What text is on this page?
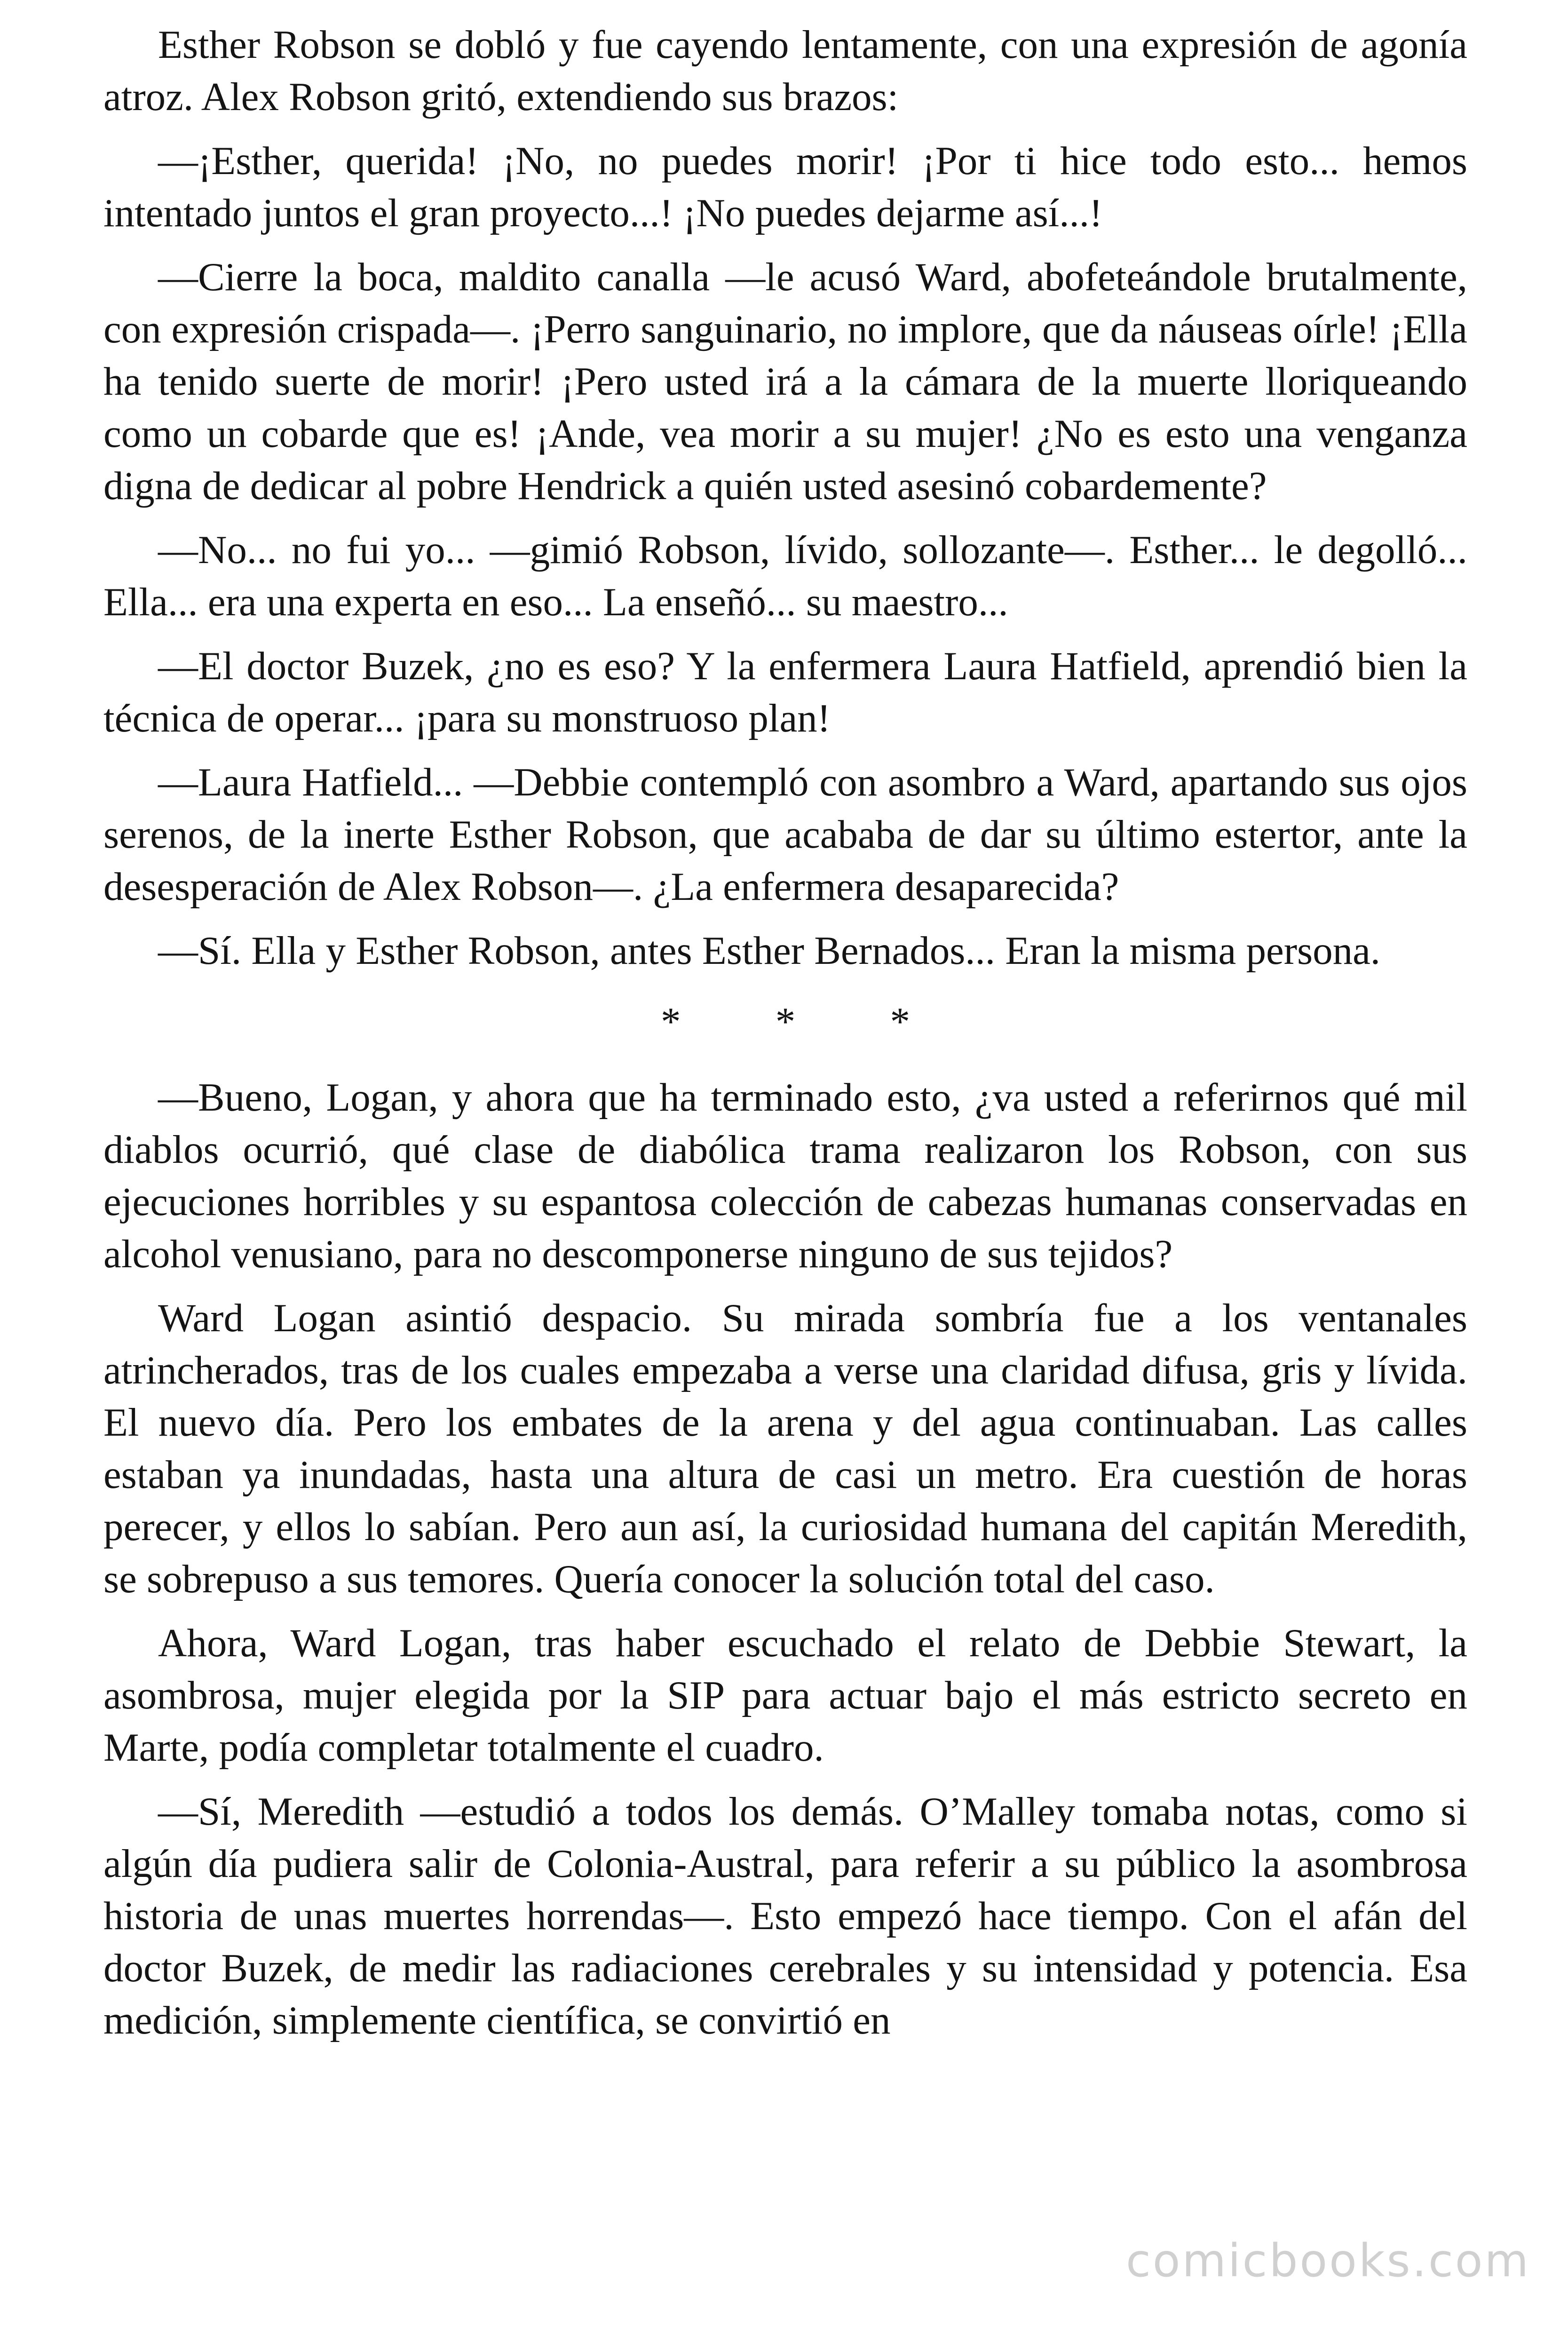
Esther Robson se dobló y fue cayendo lentamente, con una expresión de agonía atroz. Alex Robson gritó, extendiendo sus brazos:

—¡Esther, querida! ¡No, no puedes morir! ¡Por ti hice todo esto... hemos intentado juntos el gran proyecto...! ¡No puedes dejarme así...!

—Cierre la boca, maldito canalla —le acusó Ward, abofeteándole brutalmente, con expresión crispada—. ¡Perro sanguinario, no implore, que da náuseas oírle! ¡Ella ha tenido suerte de morir! ¡Pero usted irá a la cámara de la muerte lloriqueando como un cobarde que es! ¡Ande, vea morir a su mujer! ¿No es esto una venganza digna de dedicar al pobre Hendrick a quién usted asesinó cobardemente?

—No... no fui yo... —gimió Robson, lívido, sollozante—. Esther... le degolló... Ella... era una experta en eso... La enseñó... su maestro...

—El doctor Buzek, ¿no es eso? Y la enfermera Laura Hatfield, aprendió bien la técnica de operar... ¡para su monstruoso plan!

—Laura Hatfield... —Debbie contempló con asombro a Ward, apartando sus ojos serenos, de la inerte Esther Robson, que acababa de dar su último estertor, ante la desesperación de Alex Robson—. ¿La enfermera desaparecida?

—Sí. Ella y Esther Robson, antes Esther Bernados... Eran la misma persona.

* * *

—Bueno, Logan, y ahora que ha terminado esto, ¿va usted a referirnos qué mil diablos ocurrió, qué clase de diabólica trama realizaron los Robson, con sus ejecuciones horribles y su espantosa colección de cabezas humanas conservadas en alcohol venusiano, para no descomponerse ninguno de sus tejidos?

Ward Logan asintió despacio. Su mirada sombría fue a los ventanales atrincherados, tras de los cuales empezaba a verse una claridad difusa, gris y lívida. El nuevo día. Pero los embates de la arena y del agua continuaban. Las calles estaban ya inundadas, hasta una altura de casi un metro. Era cuestión de horas perecer, y ellos lo sabían. Pero aun así, la curiosidad humana del capitán Meredith, se sobrepuso a sus temores. Quería conocer la solución total del caso.

Ahora, Ward Logan, tras haber escuchado el relato de Debbie Stewart, la asombrosa, mujer elegida por la SIP para actuar bajo el más estricto secreto en Marte, podía completar totalmente el cuadro.

—Sí, Meredith —estudió a todos los demás. O’Malley tomaba notas, como si algún día pudiera salir de Colonia-Austral, para referir a su público la asombrosa historia de unas muertes horrendas—. Esto empezó hace tiempo. Con el afán del doctor Buzek, de medir las radiaciones cerebrales y su intensidad y potencia. Esa medición, simplemente científica, se convirtió en

comicbooks.com
